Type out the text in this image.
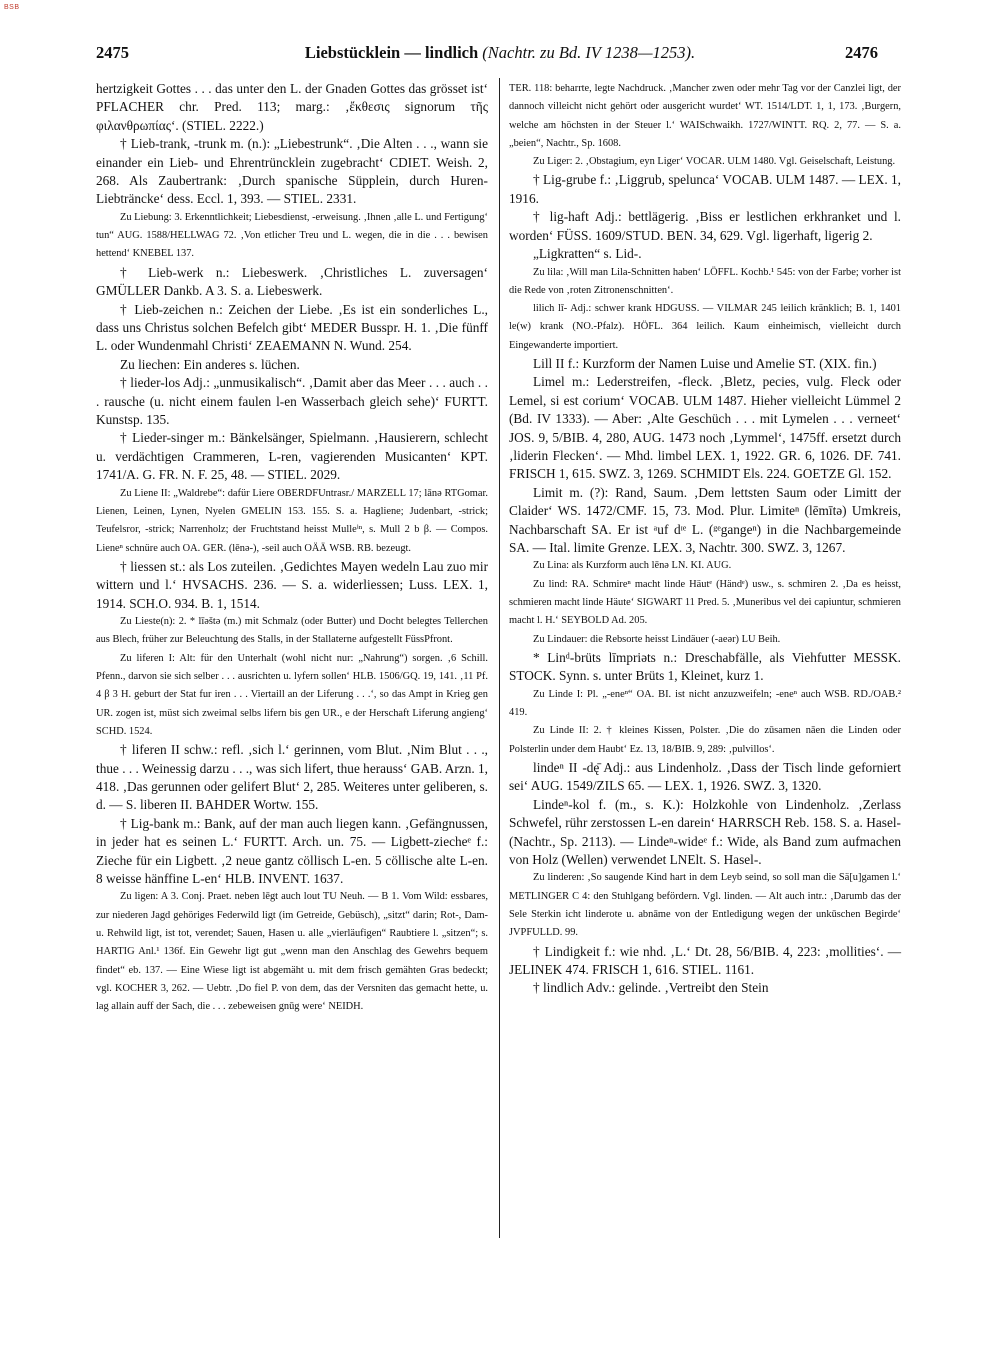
BSB
2475	Liebstücklein — lindlich (Nachtr. zu Bd. IV 1238—1253).	2476

hertzigkeit Gottes . . . das unter den L. der Gnaden Gottes das grösset ist‘ PFLACHER chr. Pred. 113; marg.: ‚ἔκθεσις signorum τῆς φιλανθρωπίας‘. (STIEL. 2222.)

† Lieb-trank, -trunk m. (n.): „Liebestrunk“. ‚Die Alten . . ., wann sie einander ein Lieb- und Ehrentrüncklein zugebracht‘ CDIET. Weish. 2, 268. Als Zaubertrank: ‚Durch spanische Süpplein, durch Huren-Liebträncke‘ dess. Eccl. 1, 393. — STIEL. 2331.

Zu Liebung: 3. Erkenntlichkeit; Liebesdienst, -erweisung. ‚Ihnen ‚alle L. und Fertigung‘ tun“ AUG. 1588/HELLWAG 72. ‚Von etlicher Treu und L. wegen, die in die . . . bewisen hettend‘ KNEBEL 137.

† Lieb-werk n.: Liebeswerk. ‚Christliches L. zuversagen‘ GMÜLLER Dankb. A 3. S. a. Liebeswerk.

† Lieb-zeichen n.: Zeichen der Liebe. ‚Es ist ein sonderliches L., dass uns Christus solchen Befelch gibt‘ MEDER Busspr. H. 1. ‚Die fünff L. oder Wundenmahl Christi‘ ZEAEMANN N. Wund. 254.

Zu liechen: Ein anderes s. lüchen.

† lieder-los Adj.: „unmusikalisch“. ‚Damit aber das Meer . . . auch . . . rausche (u. nicht einem faulen l-en Wasserbach gleich sehe)‘ FURTT. Kunstsp. 135.

† Lieder-singer m.: Bänkelsänger, Spielmann. ‚Hausierern, schlecht u. verdächtigen Crammeren, L-ren, vagierenden Musicanten‘ KPT. 1741/A. G. FR. N. F. 25, 48. — STIEL. 2029.

Zu Liene II: „Waldrebe“: dafür Liere OBERDFUntrasr./ MARZELL 17; lānə RTGomar. Lienen, Leinen, Lynen, Nyelen GMELIN 153. 155. S. a. Hagliene; Judenbart, -strick; Teufelsror, -strick; Narrenholz; der Fruchtstand heisst Mulleⁱⁿ, s. Mull 2 b β. — Compos. Lieneⁿ schnüre auch OA. GER. (lēnə-), -seil auch OÄÄ WSB. RB. bezeugt.

† liessen st.: als Los zuteilen. ‚Gedichtes Mayen wedeln Lau zuo mir wittern und l.‘ HVSACHS. 236. — S. a. widerliessen; Luss. LEX. 1, 1914. SCH.O. 934. B. 1, 1514.

Zu Lieste(n): 2. * līəštə (m.) mit Schmalz (oder Butter) und Docht belegtes Tellerchen aus Blech, früher zur Beleuchtung des Stalls, in der Stallaterne aufgestellt FüssPfront.

Zu liferen I: Alt: für den Unterhalt (wohl nicht nur: „Nahrung“) sorgen. ‚6 Schill. Pfenn., darvon sie sich selber . . . ausrichten u. lyfern sollen‘ HLB. 1506/GQ. 19, 141. ‚11 Pf. 4 β 3 H. geburt der Stat fur iren . . . Viertaill an der Liferung . . .‘, so das Ampt in Krieg gen UR. zogen ist, müst sich zweimal selbs lifern bis gen UR., e der Herschaft Liferung angieng‘ SCHD. 1524.

† liferen II schw.: refl. ‚sich l.‘ gerinnen, vom Blut. ‚Nim Blut . . ., thue . . . Weinessig darzu . . ., was sich lifert, thue herauss‘ GAB. Arzn. 1, 418. ‚Das gerunnen oder gelifert Blut‘ 2, 285. Weiteres unter geliberen, s. d. — S. liberen II. BAHDER Wortw. 155.

† Lig-bank m.: Bank, auf der man auch liegen kann. ‚Gefängnussen, in jeder hat es seinen L.‘ FURTT. Arch. un. 75. — Ligbett-ziecheᵉ f.: Zieche für ein Ligbett. ‚2 neue gantz cöllisch L-en. 5 cöllische alte L-en. 8 weisse hänffine L-en‘ HLB. INVENT. 1637.

Zu ligen: A 3. Conj. Praet. neben lēgt auch lout TU Neuh. — B 1. Vom Wild: essbares, zur niederen Jagd gehöriges Federwild ligt (im Getreide, Gebüsch), „sitzt“ darin; Rot-, Dam- u. Rehwild ligt, ist tot, verendet; Sauen, Hasen u. alle „vierläufigen“ Raubtiere l. „sitzen“; s. HARTIG Anl.¹ 136f. Ein Gewehr ligt gut „wenn man den Anschlag des Gewehrs bequem findet“ eb. 137. — Eine Wiese ligt ist abgemäht u. mit dem frisch gemähten Gras bedeckt; vgl. KOCHER 3, 262. — Uebtr. ‚Do fiel P. von dem, das der Versniten das gemacht hette, u. lag allain auff der Sach, die . . . zebeweisen gnūg were‘ NEIDH.

TER. 118: beharrte, legte Nachdruck. ‚Mancher zwen oder mehr Tag vor der Canzlei ligt, der dannoch villeicht nicht gehört oder ausgericht wurdet‘ WT. 1514/LDT. 1, 1, 173. ‚Burgern, welche am höchsten in der Steuer l.‘ WAISchwaikh. 1727/WINTT. RQ. 2, 77. — S. a. „beien“, Nachtr., Sp. 1608.

Zu Liger: 2. ‚Obstagium, eyn Liger‘ VOCAR. ULM 1480. Vgl. Geiselschaft, Leistung.

† Lig-grube f.: ‚Liggrub, spelunca‘ VOCAB. ULM 1487. — LEX. 1, 1916.

† lig-haft Adj.: bettlägerig. ‚Biss er lestlichen erkhranket und l. worden‘ FÜSS. 1609/STUD. BEN. 34, 629. Vgl. ligerhaft, ligerig 2.

„Ligkratten“ s. Lid-.

Zu lila: ‚Will man Lila-Schnitten haben‘ LÖFFL. Kochb.¹ 545: von der Farbe; vorher ist die Rede von ‚roten Zitronenschnitten‘.

lilich lī- Adj.: schwer krank HDGUSS. — VILMAR 245 leilich kränklich; B. 1, 1401 le(w) krank (NO.-Pfalz). HÖFL. 364 leilich. Kaum einheimisch, vielleicht durch Eingewanderte importiert.

Lill II f.: Kurzform der Namen Luise und Amelie ST. (XIX. fin.)

Limel m.: Lederstreifen, -fleck. ‚Bletz, pecies, vulg. Fleck oder Lemel, si est corium‘ VOCAB. ULM 1487. Hieher vielleicht Lümmel 2 (Bd. IV 1333). — Aber: ‚Alte Geschüch . . . mit Lymelen . . . verneet‘ JOS. 9, 5/BIB. 4, 280, AUG. 1473 noch ‚Lymmel‘, 1475ff. ersetzt durch ‚liderin Flecken‘. — Mhd. limbel LEX. 1, 1922. GR. 6, 1026. DF. 741. FRISCH 1, 615. SWZ. 3, 1269. SCHMIDT Els. 224. GOETZE Gl. 152.

Limit m. (?): Rand, Saum. ‚Dem lettsten Saum oder Limitt der Claider‘ WS. 1472/CMF. 15, 73. Mod. Plur. Limiteⁿ (lēmītə) Umkreis, Nachbarschaft SA. Er ist ᵃuf dᶦᵉ L. (ᵍᵉgangeⁿ) in die Nachbargemeinde SA. — Ital. limite Grenze. LEX. 3, Nachtr. 300. SWZ. 3, 1267.

Zu Lina: als Kurzform auch lēnə LN. KI. AUG.

Zu lind: RA. Schmireⁿ macht linde Häutᵉ (Händᵉ) usw., s. schmiren 2. ‚Da es heisst, schmieren macht linde Häute‘ SIGWART 11 Pred. 5. ‚Muneribus vel dei capiuntur, schmieren macht l. H.‘ SEYBOLD Ad. 205.

Zu Lindauer: die Rebsorte heisst Lindäuer (-aeər) LU Beih.

* Linᵈ-brüts līmpriəts n.: Dreschabfälle, als Viehfutter MESSK. STOCK. Synn. s. unter Brüts 1, Kleinet, kurz 1.

Zu Linde I: Pl. „-eneⁿ“ OA. BI. ist nicht anzuzweifeln; -eneⁿ auch WSB. RD./OAB.² 419.

Zu Linde II: 2. † kleines Kissen, Polster. ‚Die do zūsamen nāen die Linden oder Polsterlin under dem Haubt‘ Ez. 13, 18/BIB. 9, 289: ‚pulvillos‘.

lindeⁿ II -dę̄ Adj.: aus Lindenholz. ‚Dass der Tisch linde geforniert sei‘ AUG. 1549/ZILS 65. — LEX. 1, 1926. SWZ. 3, 1320.

Lindeⁿ-kol f. (m., s. K.): Holzkohle von Lindenholz. ‚Zerlass Schwefel, rühr zerstossen L-en darein‘ HARRSCH Reb. 158. S. a. Hasel- (Nachtr., Sp. 2113). — Lindeⁿ-wideᵉ f.: Wide, als Band zum aufmachen von Holz (Wellen) verwendet LNElt. S. Hasel-.

Zu linderen: ‚So saugende Kind hart in dem Leyb seind, so soll man die Sä[u]gamen l.‘ METLINGER C 4: den Stuhlgang befördern. Vgl. linden. — Alt auch intr.: ‚Darumb das der Sele Sterkin icht linderote u. abnāme von der Entledigung wegen der unkūschen Begirde‘ JVPFULLD. 99.

† Lindigkeit f.: wie nhd. ‚L.‘ Dt. 28, 56/BIB. 4, 223: ‚mollities‘. — JELINEK 474. FRISCH 1, 616. STIEL. 1161.

† lindlich Adv.: gelinde. ‚Vertreibt den Stein
